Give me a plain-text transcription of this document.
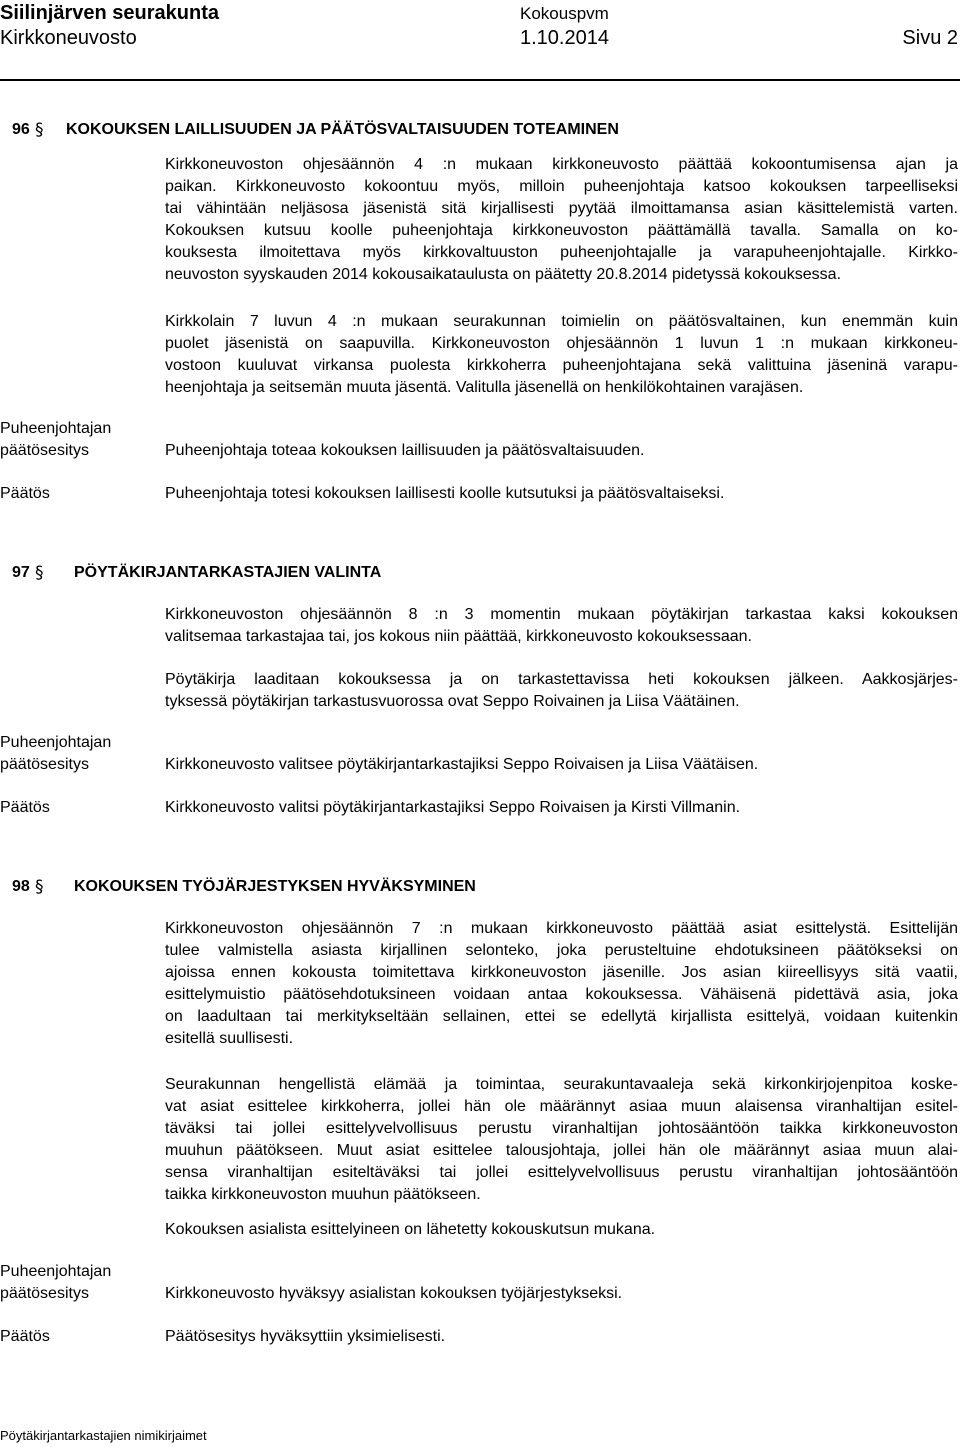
Siilinjärven seurakunta	Kokouspvm
Kirkkoneuvosto	1.10.2014	Sivu 2
96 § KOKOUKSEN LAILLISUUDEN JA PÄÄTÖSVALTAISUUDEN TOTEAMINEN
Kirkkoneuvoston ohjesäännön 4 :n mukaan kirkkoneuvosto päättää kokoontumisensa ajan ja
paikan. Kirkkoneuvosto kokoontuu myös, milloin puheenjohtaja katsoo kokouksen tarpeelliseksi
tai vähintään neljäsosa jäsenistä sitä kirjallisesti pyytää ilmoittamansa asian käsittelemistä varten.
Kokouksen kutsuu koolle puheenjohtaja kirkkoneuvoston päättämällä tavalla. Samalla on ko-
kouksesta ilmoitettava myös kirkkovaltuuston puheenjohtajalle ja varapuheenjohtajalle. Kirkko-
neuvoston syyskauden 2014 kokousaikataulusta on päätetty 20.8.2014 pidetyssä kokouksessa.
Kirkkolain 7 luvun 4 :n mukaan seurakunnan toimielin on päätösvaltainen, kun enemmän kuin
puolet jäsenistä on saapuvilla. Kirkkoneuvoston ohjesäännön 1 luvun 1 :n mukaan kirkkoneu-
vostoon kuuluvat virkansa puolesta kirkkoherra puheenjohtajana sekä valittuina jäseninä varapu-
heenjohtaja ja seitsemän muuta jäsentä. Valitulla jäsenellä on henkilökohtainen varajäsen.
Puheenjohtajan
päätösesitys	Puheenjohtaja toteaa kokouksen laillisuuden ja päätösvaltaisuuden.
Päätös	Puheenjohtaja totesi kokouksen laillisesti koolle kutsutuksi ja päätösvaltaiseksi.
97 § PÖYTÄKIRJANTARKASTAJIEN VALINTA
Kirkkoneuvoston ohjesäännön 8 :n 3 momentin mukaan pöytäkirjan tarkastaa kaksi kokouksen
valitsemaa tarkastajaa tai, jos kokous niin päättää, kirkkoneuvosto kokouksessaan.
Pöytäkirja laaditaan kokouksessa ja on tarkastettavissa heti kokouksen jälkeen. Aakkosjärjes-
tyksessä pöytäkirjan tarkastusvuorossa ovat Seppo Roivainen ja Liisa Väätäinen.
Puheenjohtajan
päätösesitys	Kirkkoneuvosto valitsee pöytäkirjantarkastajiksi Seppo Roivaisen ja Liisa Väätäisen.
Päätös	Kirkkoneuvosto valitsi pöytäkirjantarkastajiksi Seppo Roivaisen ja Kirsti Villmanin.
98 § KOKOUKSEN TYÖJÄRJESTYKSEN HYVÄKSYMINEN
Kirkkoneuvoston ohjesäännön 7 :n mukaan kirkkoneuvosto päättää asiat esittelystä. Esittelijän
tulee valmistella asiasta kirjallinen selonteko, joka perusteltuine ehdotuksineen päätökseksi on
ajoissa ennen kokousta toimitettava kirkkoneuvoston jäsenille. Jos asian kiireellisyys sitä vaatii,
esittelymuistio päätösehdotuksineen voidaan antaa kokouksessa. Vähäisenä pidettävä asia, joka
on laadultaan tai merkitykseltään sellainen, ettei se edellytä kirjallista esittelyä, voidaan kuitenkin
esitellä suullisesti.
Seurakunnan hengellistä elämää ja toimintaa, seurakuntavaaleja sekä kirkonkirjojenpitoa koske-
vat asiat esittelee kirkkoherra, jollei hän ole määrännyt asiaa muun alaisensa viranhaltijan esitel-
täväksi tai jollei esittelyvelvollisuus perustu viranhaltijan johtosääntöön taikka kirkkoneuvoston
muuhun päätökseen. Muut asiat esittelee talousjohtaja, jollei hän ole määrännyt asiaa muun alai-
sensa viranhaltijan esiteltäväksi tai jollei esittelyvelvollisuus perustu viranhaltijan johtosääntöön
taikka kirkkoneuvoston muuhun päätökseen.
Kokouksen asialista esittelyineen on lähetetty kokouskutsun mukana.
Puheenjohtajan
päätösesitys	Kirkkoneuvosto hyväksyy asialistan kokouksen työjärjestykseksi.
Päätös	Päätösesitys hyväksyttiin yksimielisesti.
Pöytäkirjantarkastajien nimikirjaimet
